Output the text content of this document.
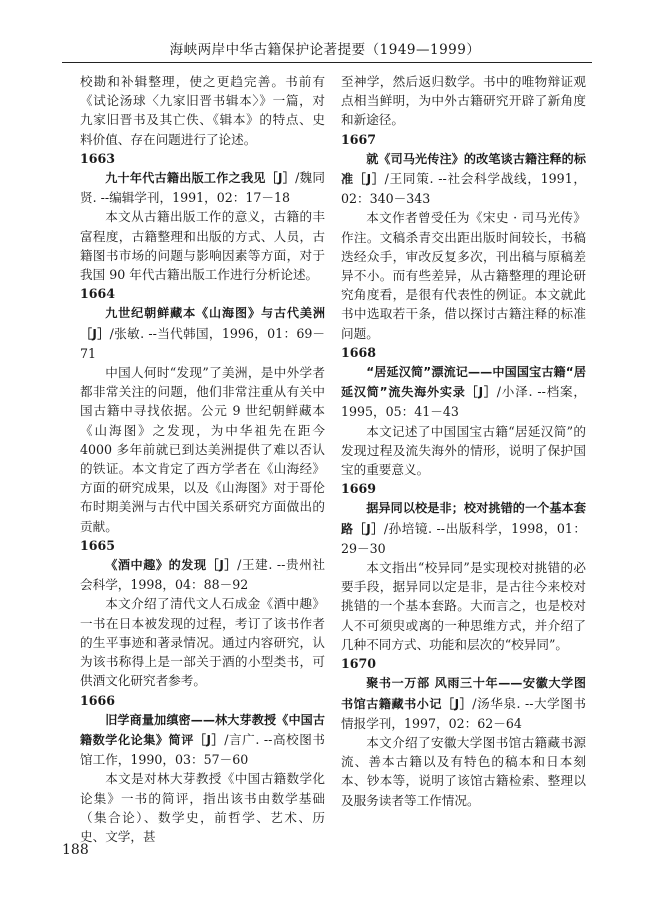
海峡两岸中华古籍保护论著提要（1949—1999）

校勘和补辑整理，使之更趋完善。书前有《试论汤球〈九家旧晋书辑本〉》一篇，对九家旧晋书及其亡佚、《辑本》的特点、史料价值、存在问题进行了论述。

1663

九十年代古籍出版工作之我见［J］/魏同贤. --编辑学刊，1991，02：17－18

本文从古籍出版工作的意义，古籍的丰富程度，古籍整理和出版的方式、人员，古籍图书市场的问题与影响因素等方面，对于我国 90 年代古籍出版工作进行分析论述。

1664

九世纪朝鲜藏本《山海图》与古代美洲［J］/张敏. --当代韩国，1996，01：69－71

中国人何时“发现”了美洲，是中外学者都非常关注的问题，他们非常注重从有关中国古籍中寻找依据。公元 9 世纪朝鲜藏本《山海图》之发现，为中华祖先在距今 4000 多年前就已到达美洲提供了难以否认的铁证。本文肯定了西方学者在《山海经》方面的研究成果，以及《山海图》对于哥伦布时期美洲与古代中国关系研究方面做出的贡献。

1665

《酒中趣》的发现［J］/王建. --贵州社会科学，1998，04：88－92

本文介绍了清代文人石成金《酒中趣》一书在日本被发现的过程，考订了该书作者的生平事迹和著录情况。通过内容研究，认为该书称得上是一部关于酒的小型类书，可供酒文化研究者参考。

1666

旧学商量加缜密——林大芽教授《中国古籍数学化论集》简评［J］/言广. --高校图书馆工作，1990，03：57－60

本文是对林大芽教授《中国古籍数学化论集》一书的简评，指出该书由数学基础（集合论）、数学史，前哲学、艺术、历史、文学，甚

至神学，然后返归数学。书中的唯物辩证观点相当鲜明，为中外古籍研究开辟了新角度和新途径。

1667

就《司马光传注》的改笔谈古籍注释的标准［J］/王同策. --社会科学战线，1991，02：340－343

本文作者曾受任为《宋史 · 司马光传》作注。文稿杀青交出距出版时间较长，书稿迭经众手，审改反复多次，刊出稿与原稿差异不小。而有些差异，从古籍整理的理论研究角度看，是很有代表性的例证。本文就此书中选取若干条，借以探讨古籍注释的标准问题。

1668

“居延汉简”漂流记——中国国宝古籍“居延汉简”流失海外实录［J］/小泽. --档案，1995，05：41－43

本文记述了中国国宝古籍“居延汉简”的发现过程及流失海外的情形，说明了保护国宝的重要意义。

1669

据异同以校是非；校对挑错的一个基本套路［J］/孙培镜. --出版科学，1998，01：29－30

本文指出“校异同”是实现校对挑错的必要手段，据异同以定是非，是古往今来校对挑错的一个基本套路。大而言之，也是校对人不可须臾或离的一种思维方式，并介绍了几种不同方式、功能和层次的“校异同”。

1670

聚书一万部 风雨三十年——安徽大学图书馆古籍藏书小记［J］/汤华泉. --大学图书情报学刊，1997，02：62－64

本文介绍了安徽大学图书馆古籍藏书源流、善本古籍以及有特色的稿本和日本刻本、钞本等，说明了该馆古籍检索、整理以及服务读者等工作情况。

188
